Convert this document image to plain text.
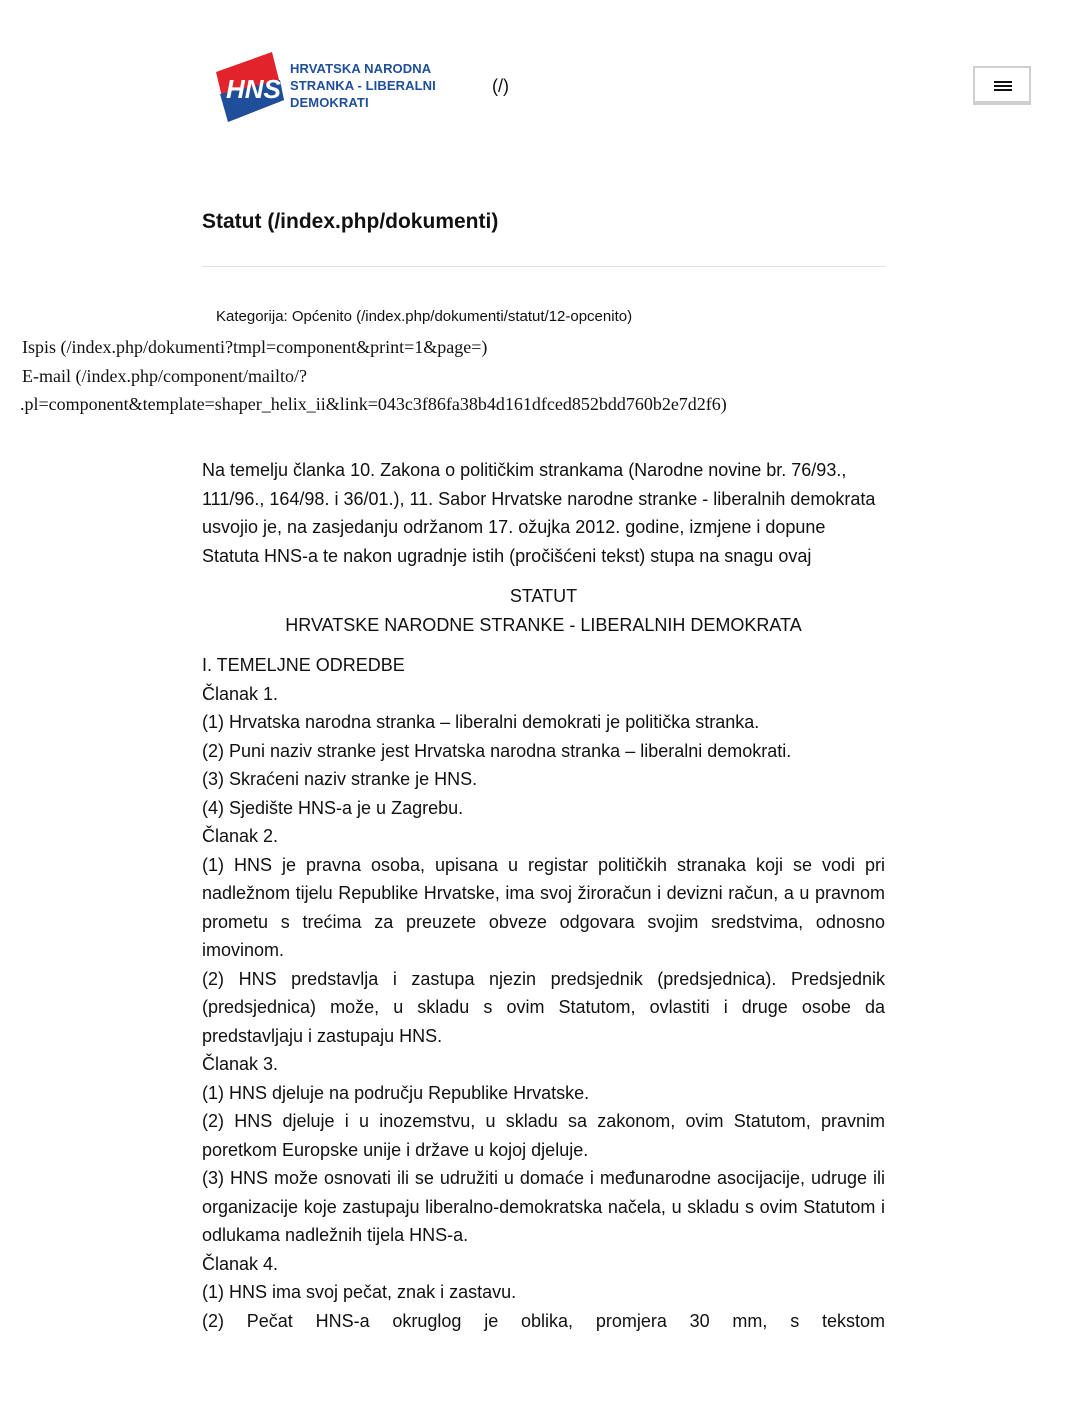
HNS
HRVATSKA NARODNA
STRANKA - LIBERALNI
DEMOKRATI
(/)
Statut (/index.php/dokumenti)
Kategorija: Općenito (/index.php/dokumenti/statut/12-opcenito)
Ispis (/index.php/dokumenti?tmpl=component&print=1&page=)
E-mail (/index.php/component/mailto/?
.pl=component&template=shaper_helix_ii&link=043c3f86fa38b4d161dfced852bdd760b2e7d2f6)

Na temelju članka 10. Zakona o političkim strankama (Narodne novine br. 76/93., 111/96., 164/98. i 36/01.), 11. Sabor Hrvatske narodne stranke - liberalnih demokrata usvojio je, na zasjedanju održanom 17. ožujka 2012. godine, izmjene i dopune Statuta HNS-a te nakon ugradnje istih (pročišćeni tekst) stupa na snagu ovaj

STATUT

HRVATSKE NARODNE STRANKE - LIBERALNIH DEMOKRATA

I. TEMELJNE ODREDBE

Članak 1.

(1) Hrvatska narodna stranka – liberalni demokrati je politička stranka.

(2) Puni naziv stranke jest Hrvatska narodna stranka – liberalni demokrati.

(3) Skraćeni naziv stranke je HNS.

(4) Sjedište HNS-a je u Zagrebu.

Članak 2.

(1) HNS je pravna osoba, upisana u registar političkih stranaka koji se vodi pri nadležnom tijelu Republike Hrvatske, ima svoj žiroračun i devizni račun, a u pravnom prometu s trećima za preuzete obveze odgovara svojim sredstvima, odnosno imovinom.

(2) HNS predstavlja i zastupa njezin predsjednik (predsjednica). Predsjednik (predsjednica) može, u skladu s ovim Statutom, ovlastiti i druge osobe da predstavljaju i zastupaju HNS.

Članak 3.

(1) HNS djeluje na području Republike Hrvatske.

(2) HNS djeluje i u inozemstvu, u skladu sa zakonom, ovim Statutom, pravnim poretkom Europske unije i države u kojoj djeluje.

(3) HNS može osnovati ili se udružiti u domaće i međunarodne asocijacije, udruge ili organizacije koje zastupaju liberalno-demokratska načela, u skladu s ovim Statutom i odlukama nadležnih tijela HNS-a.

Članak 4.

(1) HNS ima svoj pečat, znak i zastavu.

(2) Pečat HNS-a okruglog je oblika, promjera 30 mm, s tekstom
